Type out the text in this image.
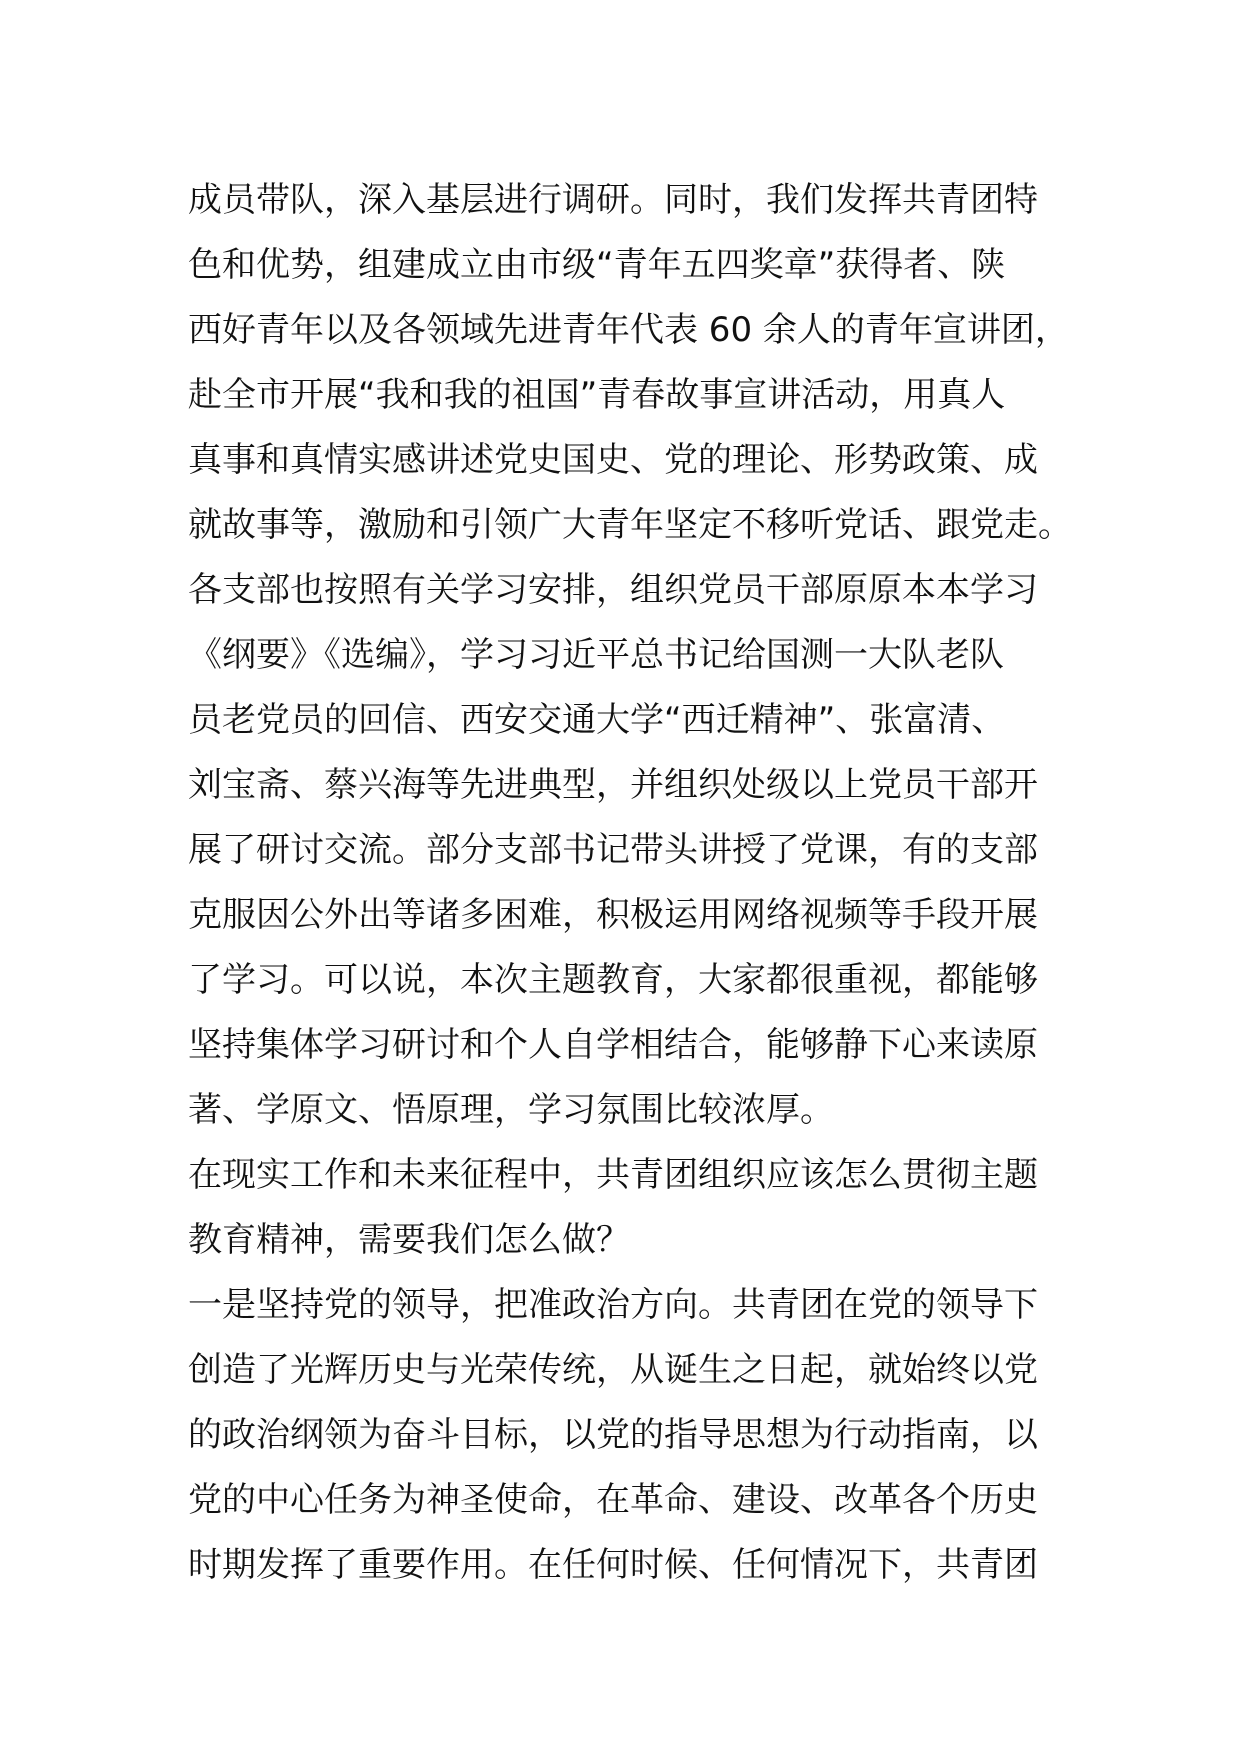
成员带队，深入基层进行调研。同时，我们发挥共青团特
色和优势，组建成立由市级“青年五四奖章”获得者、陕
西好青年以及各领域先进青年代表 60 余人的青年宣讲团，
赴全市开展“我和我的祖国”青春故事宣讲活动，用真人
真事和真情实感讲述党史国史、党的理论、形势政策、成
就故事等，激励和引领广大青年坚定不移听党话、跟党走。
各支部也按照有关学习安排，组织党员干部原原本本学习
《纲要》《选编》，学习习近平总书记给国测一大队老队
员老党员的回信、西安交通大学“西迁精神”、张富清、
刘宝斋、蔡兴海等先进典型，并组织处级以上党员干部开
展了研讨交流。部分支部书记带头讲授了党课，有的支部
克服因公外出等诸多困难，积极运用网络视频等手段开展
了学习。可以说，本次主题教育，大家都很重视，都能够
坚持集体学习研讨和个人自学相结合，能够静下心来读原
著、学原文、悟原理，学习氛围比较浓厚。
在现实工作和未来征程中，共青团组织应该怎么贯彻主题
教育精神，需要我们怎么做？
一是坚持党的领导，把准政治方向。共青团在党的领导下
创造了光辉历史与光荣传统，从诞生之日起，就始终以党
的政治纲领为奋斗目标，以党的指导思想为行动指南，以
党的中心任务为神圣使命，在革命、建设、改革各个历史
时期发挥了重要作用。在任何时候、任何情况下，共青团
